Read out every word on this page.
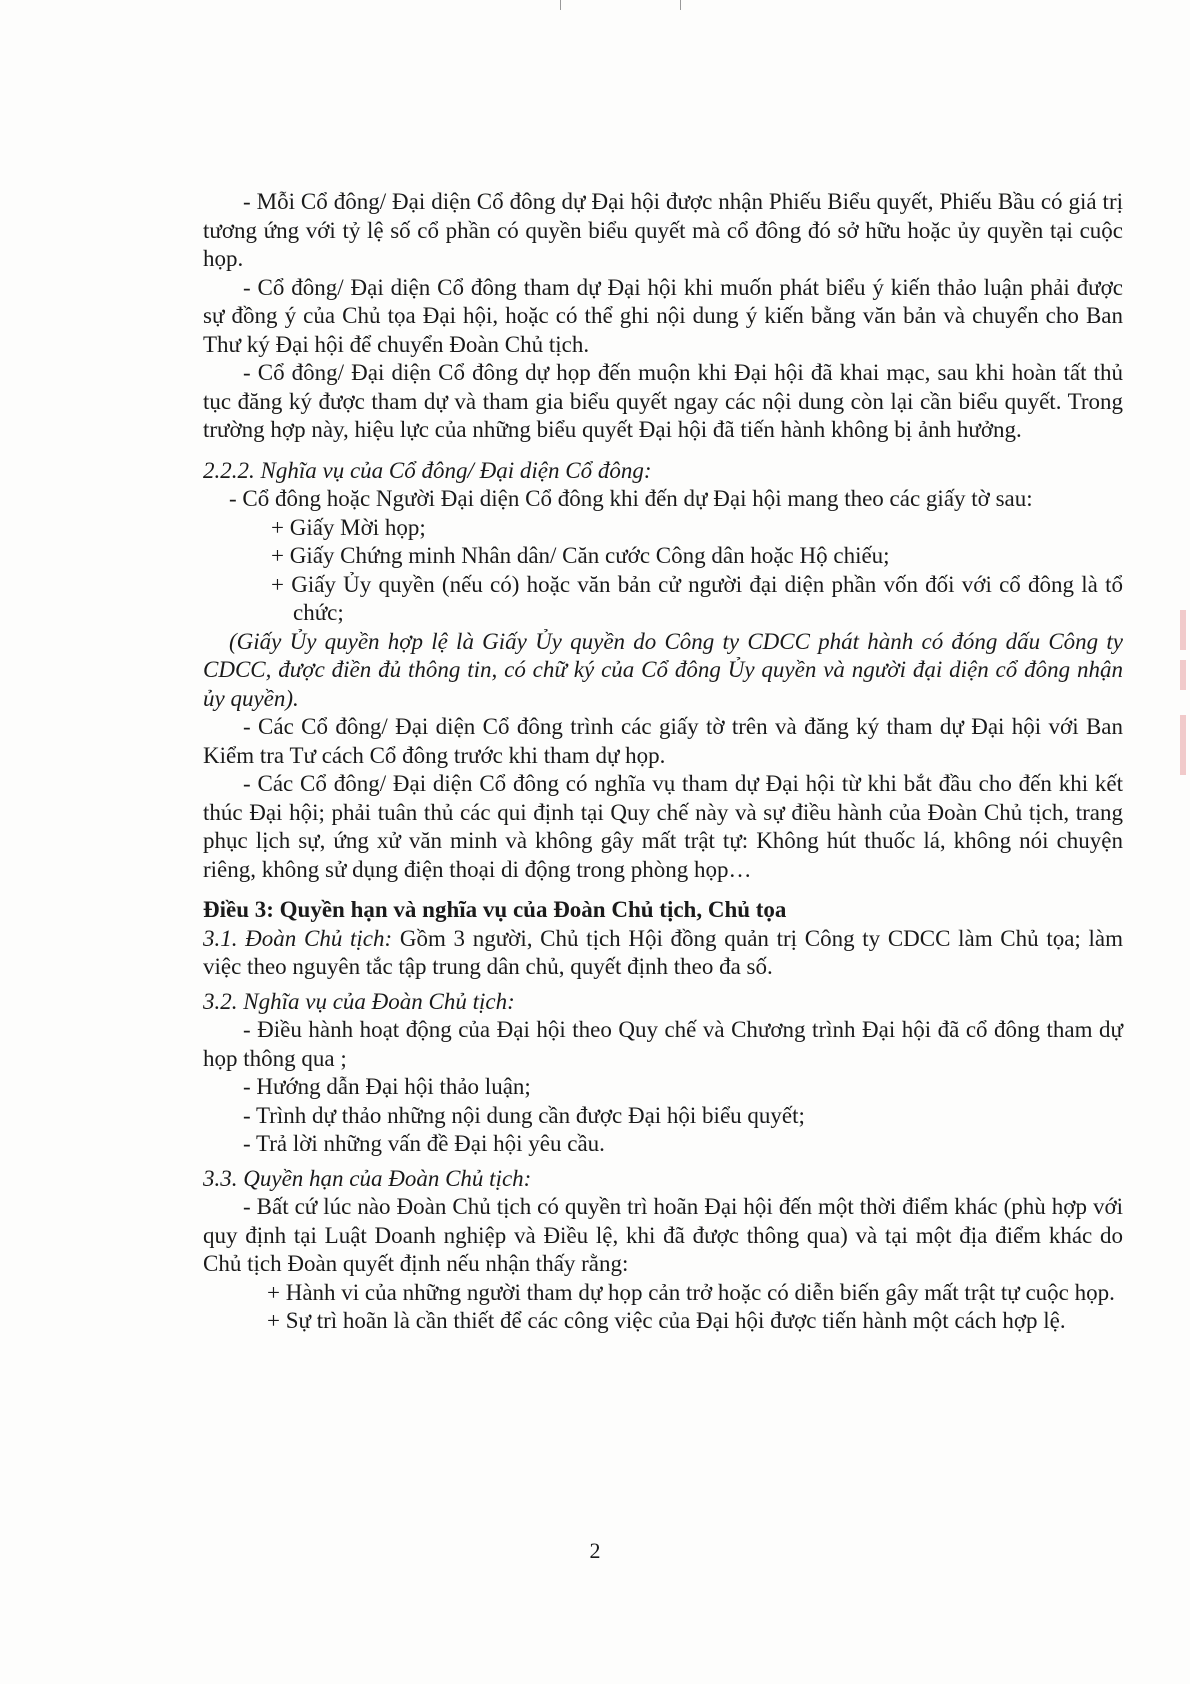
- Mỗi Cổ đông/ Đại diện Cổ đông dự Đại hội được nhận Phiếu Biểu quyết, Phiếu Bầu có giá trị tương ứng với tỷ lệ số cổ phần có quyền biểu quyết mà cổ đông đó sở hữu hoặc ủy quyền tại cuộc họp.

- Cổ đông/ Đại diện Cổ đông tham dự Đại hội khi muốn phát biểu ý kiến thảo luận phải được sự đồng ý của Chủ tọa Đại hội, hoặc có thể ghi nội dung ý kiến bằng văn bản và chuyển cho Ban Thư ký Đại hội để chuyển Đoàn Chủ tịch.

- Cổ đông/ Đại diện Cổ đông dự họp đến muộn khi Đại hội đã khai mạc, sau khi hoàn tất thủ tục đăng ký được tham dự và tham gia biểu quyết ngay các nội dung còn lại cần biểu quyết. Trong trường hợp này, hiệu lực của những biểu quyết Đại hội đã tiến hành không bị ảnh hưởng.

2.2.2. Nghĩa vụ của Cổ đông/ Đại diện Cổ đông:

- Cổ đông hoặc Người Đại diện Cổ đông khi đến dự Đại hội mang theo các giấy tờ sau:

+ Giấy Mời họp;

+ Giấy Chứng minh Nhân dân/ Căn cước Công dân hoặc Hộ chiếu;

+ Giấy Ủy quyền (nếu có) hoặc văn bản cử người đại diện phần vốn đối với cổ đông là tổ chức;

(Giấy Ủy quyền hợp lệ là Giấy Ủy quyền do Công ty CDCC phát hành có đóng dấu Công ty CDCC, được điền đủ thông tin, có chữ ký của Cổ đông Ủy quyền và người đại diện cổ đông nhận ủy quyền).

- Các Cổ đông/ Đại diện Cổ đông trình các giấy tờ trên và đăng ký tham dự Đại hội với Ban Kiểm tra Tư cách Cổ đông trước khi tham dự họp.

- Các Cổ đông/ Đại diện Cổ đông có nghĩa vụ tham dự Đại hội từ khi bắt đầu cho đến khi kết thúc Đại hội; phải tuân thủ các qui định tại Quy chế này và sự điều hành của Đoàn Chủ tịch, trang phục lịch sự, ứng xử văn minh và không gây mất trật tự: Không hút thuốc lá, không nói chuyện riêng, không sử dụng điện thoại di động trong phòng họp…

Điều 3: Quyền hạn và nghĩa vụ của Đoàn Chủ tịch, Chủ tọa

3.1. Đoàn Chủ tịch: Gồm 3 người, Chủ tịch Hội đồng quản trị Công ty CDCC làm Chủ tọa; làm việc theo nguyên tắc tập trung dân chủ, quyết định theo đa số.

3.2. Nghĩa vụ của Đoàn Chủ tịch:

- Điều hành hoạt động của Đại hội theo Quy chế và Chương trình Đại hội đã cổ đông tham dự họp thông qua ;

- Hướng dẫn Đại hội thảo luận;

- Trình dự thảo những nội dung cần được Đại hội biểu quyết;

- Trả lời những vấn đề Đại hội yêu cầu.

3.3. Quyền hạn của Đoàn Chủ tịch:

- Bất cứ lúc nào Đoàn Chủ tịch có quyền trì hoãn Đại hội đến một thời điểm khác (phù hợp với quy định tại Luật Doanh nghiệp và Điều lệ, khi đã được thông qua) và tại một địa điểm khác do Chủ tịch Đoàn quyết định nếu nhận thấy rằng:

+ Hành vi của những người tham dự họp cản trở hoặc có diễn biến gây mất trật tự cuộc họp.

+ Sự trì hoãn là cần thiết để các công việc của Đại hội được tiến hành một cách hợp lệ.

2
